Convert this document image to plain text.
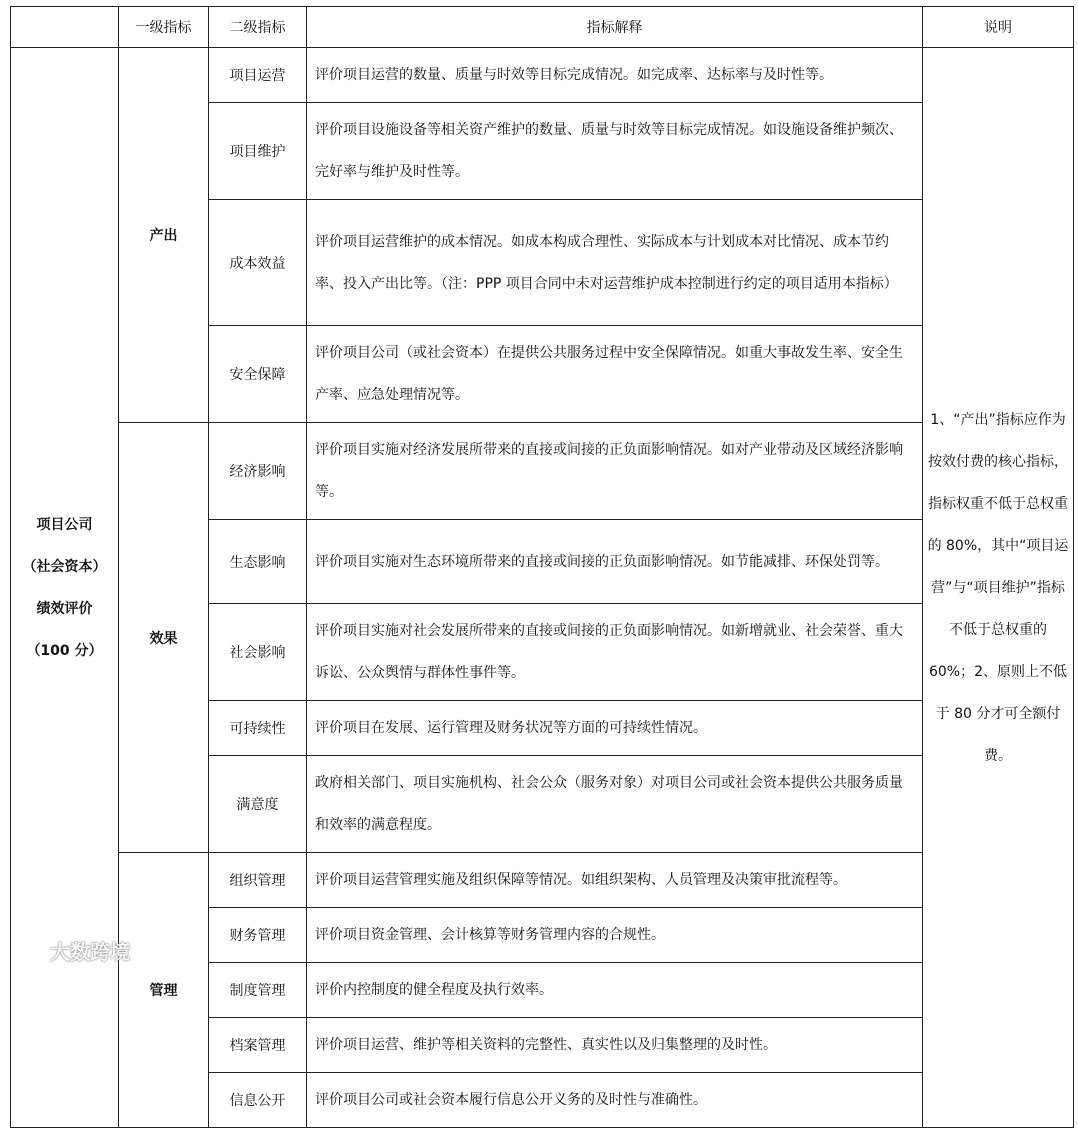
	一级指标	二级指标	指标解释	说明

项目公司
（社会资本）
绩效评价
（100 分）	产出	项目运营	评价项目运营的数量、质量与时效等目标完成情况。如完成率、达标率与及时性等。	1、“产出”指标应作为按效付费的核心指标，指标权重不低于总权重的 80%，其中“项目运营”与“项目维护”指标不低于总权重的 60%；2、原则上不低于 80 分才可全额付费。
		项目维护	评价项目设施设备等相关资产维护的数量、质量与时效等目标完成情况。如设施设备维护频次、完好率与维护及时性等。	
		成本效益	评价项目运营维护的成本情况。如成本构成合理性、实际成本与计划成本对比情况、成本节约率、投入产出比等。（注：PPP 项目合同中未对运营维护成本控制进行约定的项目适用本指标）	
		安全保障	评价项目公司（或社会资本）在提供公共服务过程中安全保障情况。如重大事故发生率、安全生产率、应急处理情况等。	
	效果	经济影响	评价项目实施对经济发展所带来的直接或间接的正负面影响情况。如对产业带动及区域经济影响等。	
		生态影响	评价项目实施对生态环境所带来的直接或间接的正负面影响情况。如节能减排、环保处罚等。	
		社会影响	评价项目实施对社会发展所带来的直接或间接的正负面影响情况。如新增就业、社会荣誉、重大诉讼、公众舆情与群体性事件等。	
		可持续性	评价项目在发展、运行管理及财务状况等方面的可持续性情况。	
		满意度	政府相关部门、项目实施机构、社会公众（服务对象）对项目公司或社会资本提供公共服务质量和效率的满意程度。	
	管理	组织管理	评价项目运营管理实施及组织保障等情况。如组织架构、人员管理及决策审批流程等。	
		财务管理	评价项目资金管理、会计核算等财务管理内容的合规性。	
		制度管理	评价内控制度的健全程度及执行效率。	
		档案管理	评价项目运营、维护等相关资料的完整性、真实性以及归集整理的及时性。	
		信息公开	评价项目公司或社会资本履行信息公开义务的及时性与准确性。	
大数跨境
